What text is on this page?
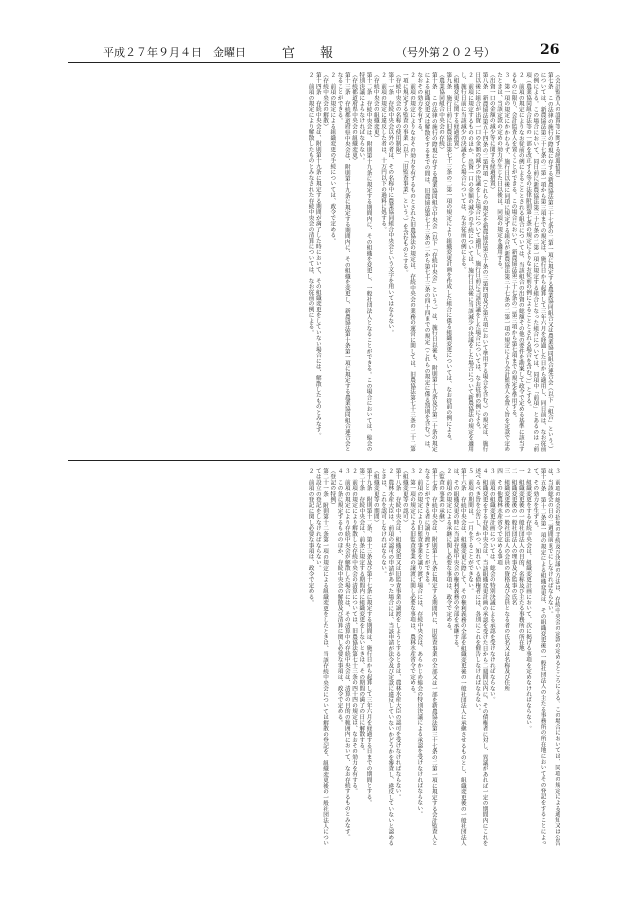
平成２７年９月４日　金曜日	官　報	（号外第２０２号）	26
（会計監査人の設置等に関する経過措置）
第七条　この法律の施行の際現に存する新農協法第三十七条の二第一項に規定する農業協同組合又は農業協同組合連合会（以下「組合」という。）については、新農協法第三十七条の二第一項から第三項までの規定は、施行日から起算して三年六月を経過した日から適用し、同日前は、なお従前の例による。この場合において、同日前に新農協法第三十七条の二第一項に規定する組合となった組合については、同項中「前項」とあるのは「前項（農業協同組合法等の一部を改正する等の法律附則第七条の規定によりなお従前の例によることとされる場合を含む。）」とする。
２　前項の規定によりなお従前の例によることとされる組合については、当該組合の出資の総額その他の要件を勘案して政令で定める基準に該当するものに限り、会計監査人を置くことができる。この場合において、新農協法第三十七条の二第三項から第七項までの規定を準用する。
３　第一項の規定にかかわらず、施行日以後に同項に規定する組合が新農協法第三十七条の二第一項の規定により会計監査人を置く旨を定款で定めたときは、当該定款の定めの効力が生じた日以後は、同項の規定を適用する。
（出資一口の金額の減少等に関する経過措置）
第八条　新農協法第五十四条の二第四項（これらの規定を新農協法第五十条の三第四項及び第五項において準用する場合を含む。）の規定は、施行日以後に組合が出資一口の金額の減少の決議をした場合について適用し、施行日前に当該決議をした場合については、なお従前の例による。
２　前項に規定するもののほか、出資一口の金額の減少の手続については、施行日以後に当該減少の決議をした場合について新農協法の規定を適用し、施行日前に当該減少の決議をした場合については、なお従前の例による。
（組織変更に関する経過措置）
第九条　施行日前に旧農協法第七十三条の二第一項の規定により組織変更計画を作成した組合に係る組織変更については、なお従前の例による。
（農業協同組合中央会の存続）
第十条　この法律の施行の際現に存する農業協同組合中央会（以下「存続中央会」という。）は、施行日以後も、附則第十九条及び第二十条の規定による組織変更又は解散をするまでの間は、旧農協法第七十三条の二から第七十三条の四十四までの規定（これらの規定に係る罰則を含む。）は、なおその効力を有する。
２　前項の規定によりなおその効力を有するものとされた旧農協法の規定は、存続中央会の業務の運営に関しては、旧農協法第七十三条の二十二第一項に規定する監査の事業（以下「旧監査事業」という。）を含むものとする。
（存続中央会の名称の使用制限）
第十一条　存続中央会以外の者は、その名称中に農業協同組合中央会という文字を用いてはならない。
２　前項の規定に違反した者は、十万円以下の過料に処する。
（存続中央会の組織変更）
第十二条　存続中央会は、附則第十九条に規定する期間内に、その組織を変更し、一般社団法人となることができる。この場合においては、総会の特別決議によらなければならない。
（存続都道府県中央会の組織変更）
第十三条　存続都道府県中央会は、附則第十九条に規定する期間内に、その組織を変更し、新農協法第十条第一項に規定する農業協同組合連合会となることができる。
２　前項の規定による組織変更の手続については、政令で定める。
（存続中央会の解散）
第十四条　存続中央会は、附則第十九条に規定する期間が満了した時において、その組織変更をしていない場合には、解散したものとみなす。
２　前項の規定により解散したものとみなされた存続中央会の清算については、なお従前の例による。
３　前項の総会の招集の手続及び決議の方法は、存続中央会の定款の定めるところによる。この場合においては、同項の規定による通知又は公告は、当該総会の日の二週間前までにしなければならない。
第十五条　第十二条第一項の規定による組織変更は、その組織変更後の一般社団法人の主たる事務所の所在地においてその登記をすることによって、その効力を生ずる。
２　組織変更をする存続中央会は、組織変更計画において、次に掲げる事項を定めなければならない。
一　組織変更後の一般社団法人の目的、名称及び主たる事務所の所在地
二　組織変更後の一般社団法人の理事及び監事の氏名
三　組織変更後の一般社団法人の会員の資格及び会員となる者の氏名又は名称及び住所
四　その他農林水産省令で定める事項
３　前項の組織変更計画については、総会の特別決議による承認を受けなければならない。
４　組織変更をする存続中央会は、当該組織変更計画の承認を受けた日から二週間以内に、その債権者に対し、異議があれば一定の期間内にこれを述べるべき旨を公告し、かつ、知れている債権者には、各別にこれを催告しなければならない。
５　前項の期間は、一月を下ることができない。
第十六条　存続中央会は、組織変更に際して、その権利義務の全部を組織変更後の一般社団法人に承継させるものとし、組織変更後の一般社団法人は、その組織変更の時に当該存続中央会の権利義務の全部を承継する。
２　前項の規定による承継に関し必要な事項は、政令で定める。
（監査の事業の承継）
第十七条　存続中央会は、附則第十九条に規定する期間内に、旧監査事業の全部又は一部を新農協法第三十七条の二第一項に規定する会計監査人となることができる者に譲り渡すことができる。
２　前項の規定により旧監査事業を譲り渡す場合には、存続中央会は、あらかじめ総会の特別決議による承認を受けなければならない。
３　第一項の規定による旧監査事業の譲渡に関し必要な事項は、農林水産省令で定める。
（組織変更等の認可）
第十八条　存続中央会は、組織変更又は旧監査事業の譲渡をしようとするときは、農林水産大臣の認可を受けなければならない。
２　農林水産大臣は、前項の認可の申請があった場合には、当該申請が法令及び定款に違反していないかどうかを審査し、違反していないと認めるときは、これを認可しなければならない。
（組織変更等の期間）
第十九条　附則第十二条、第十三条及び第十七条に規定する期間は、施行日から起算して三年六月を経過する日までの期間とする。
第二十条　存続中央会は、前条に規定する期間内に組織変更をしないときは、その期間の満了の日に解散する。
２　前項の規定により解散した存続中央会の清算については、旧農協法第七十三条の四十四の規定は、なおその効力を有する。
３　前項の規定により存続中央会が解散した場合には、その清算中の存続中央会は、清算の目的の範囲内において、なお存続するものとみなす。
４　この条に規定するもののほか、存続中央会の解散及び清算に関し必要な事項は、政令で定める。
（登記の特例）
第二十一条　附則第十二条第一項の規定による組織変更をしたときは、当該存続中央会については解散の登記を、組織変更後の一般社団法人については設立の登記をしなければならない。
２　前項の登記に関し必要な事項は、政令で定める。
